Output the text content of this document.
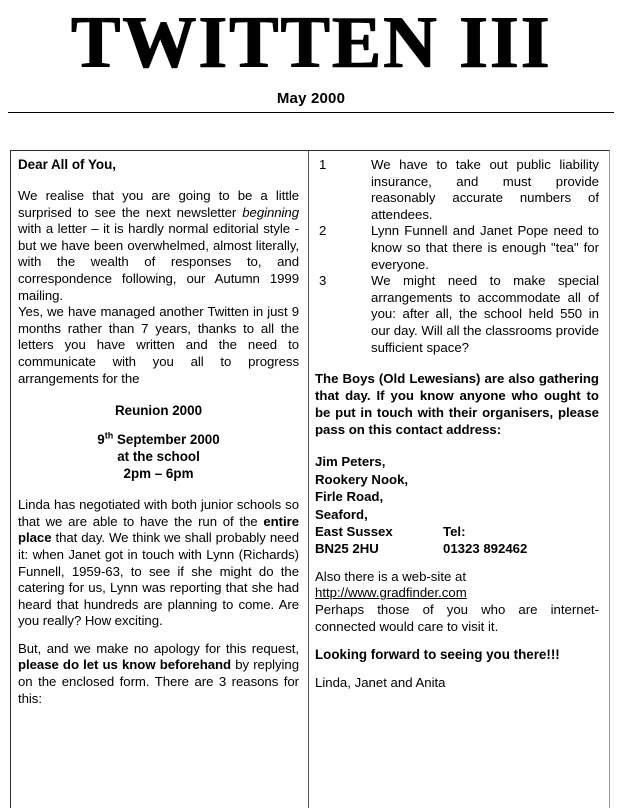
TWITTEN III
May 2000
Dear All of You,

We realise that you are going to be a little surprised to see the next newsletter beginning with a letter – it is hardly normal editorial style - but we have been overwhelmed, almost literally, with the wealth of responses to, and correspondence following, our Autumn 1999 mailing.

Yes, we have managed another Twitten in just 9 months rather than 7 years, thanks to all the letters you have written and the need to communicate with you all to progress arrangements for the

Reunion 2000
9th September 2000
at the school
2pm – 6pm

Linda has negotiated with both junior schools so that we are able to have the run of the entire place that day. We think we shall probably need it: when Janet got in touch with Lynn (Richards) Funnell, 1959-63, to see if she might do the catering for us, Lynn was reporting that she had heard that hundreds are planning to come. Are you really? How exciting.

But, and we make no apology for this request, please do let us know beforehand by replying on the enclosed form. There are 3 reasons for this:

1	We have to take out public liability insurance, and must provide reasonably accurate numbers of attendees.
2	Lynn Funnell and Janet Pope need to know so that there is enough "tea" for everyone.
3	We might need to make special arrangements to accommodate all of you: after all, the school held 550 in our day. Will all the classrooms provide sufficient space?

The Boys (Old Lewesians) are also gathering that day. If you know anyone who ought to be put in touch with their organisers, please pass on this contact address:

Jim Peters,
Rookery Nook,
Firle Road,
Seaford,
East Sussex	Tel:
BN25 2HU	01323 892462

Also there is a web-site at

http://www.gradfinder.com

Perhaps those of you who are internet-connected would care to visit it.

Looking forward to seeing you there!!!

Linda, Janet and Anita
